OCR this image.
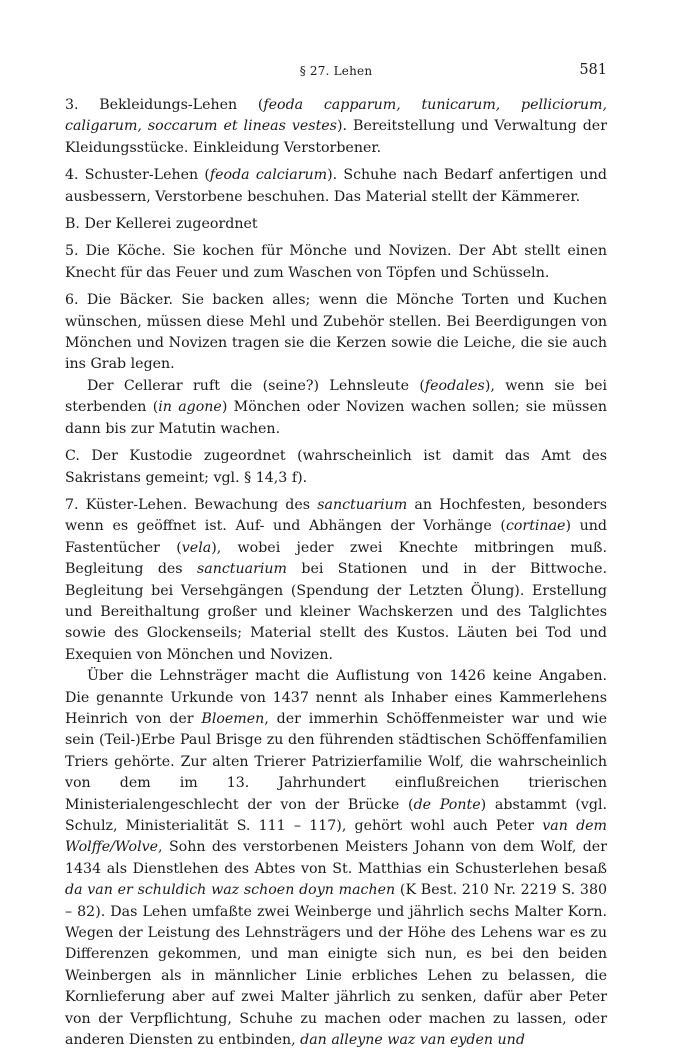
§ 27. Lehen	581

3. Bekleidungs-Lehen (feoda capparum, tunicarum, pelliciorum, caligarum, soccarum et lineas vestes). Bereitstellung und Verwaltung der Kleidungsstücke. Einkleidung Verstorbener.

4. Schuster-Lehen (feoda calciarum). Schuhe nach Bedarf anfertigen und ausbessern, Verstorbene beschuhen. Das Material stellt der Kämmerer.

B. Der Kellerei zugeordnet

5. Die Köche. Sie kochen für Mönche und Novizen. Der Abt stellt einen Knecht für das Feuer und zum Waschen von Töpfen und Schüsseln.

6. Die Bäcker. Sie backen alles; wenn die Mönche Torten und Kuchen wünschen, müssen diese Mehl und Zubehör stellen. Bei Beerdigungen von Mönchen und Novizen tragen sie die Kerzen sowie die Leiche, die sie auch ins Grab legen.

Der Cellerar ruft die (seine?) Lehnsleute (feodales), wenn sie bei sterbenden (in agone) Mönchen oder Novizen wachen sollen; sie müssen dann bis zur Matutin wachen.

C. Der Kustodie zugeordnet (wahrscheinlich ist damit das Amt des Sakristans gemeint; vgl. § 14,3 f).

7. Küster-Lehen. Bewachung des sanctuarium an Hochfesten, besonders wenn es geöffnet ist. Auf- und Abhängen der Vorhänge (cortinae) und Fastentücher (vela), wobei jeder zwei Knechte mitbringen muß. Begleitung des sanctuarium bei Stationen und in der Bittwoche. Begleitung bei Versehgängen (Spendung der Letzten Ölung). Erstellung und Bereithaltung großer und kleiner Wachskerzen und des Talglichtes sowie des Glockenseils; Material stellt des Kustos. Läuten bei Tod und Exequien von Mönchen und Novizen.

Über die Lehnsträger macht die Auflistung von 1426 keine Angaben. Die genannte Urkunde von 1437 nennt als Inhaber eines Kammerlehens Heinrich von der Bloemen, der immerhin Schöffenmeister war und wie sein (Teil-)Erbe Paul Brisge zu den führenden städtischen Schöffenfamilien Triers gehörte. Zur alten Trierer Patrizierfamilie Wolf, die wahrscheinlich von dem im 13. Jahrhundert einflußreichen trierischen Ministerialengeschlecht der von der Brücke (de Ponte) abstammt (vgl. Schulz, Ministerialität S. 111 – 117), gehört wohl auch Peter van dem Wolffe/Wolve, Sohn des verstorbenen Meisters Johann von dem Wolf, der 1434 als Dienstlehen des Abtes von St. Matthias ein Schusterlehen besaß da van er schuldich waz schoen doyn machen (K Best. 210 Nr. 2219 S. 380 – 82). Das Lehen umfaßte zwei Weinberge und jährlich sechs Malter Korn. Wegen der Leistung des Lehnsträgers und der Höhe des Lehens war es zu Differenzen gekommen, und man einigte sich nun, es bei den beiden Weinbergen als in männlicher Linie erbliches Lehen zu belassen, die Kornlieferung aber auf zwei Malter jährlich zu senken, dafür aber Peter von der Verpflichtung, Schuhe zu machen oder machen zu lassen, oder anderen Diensten zu entbinden, dan alleyne waz van eyden und
